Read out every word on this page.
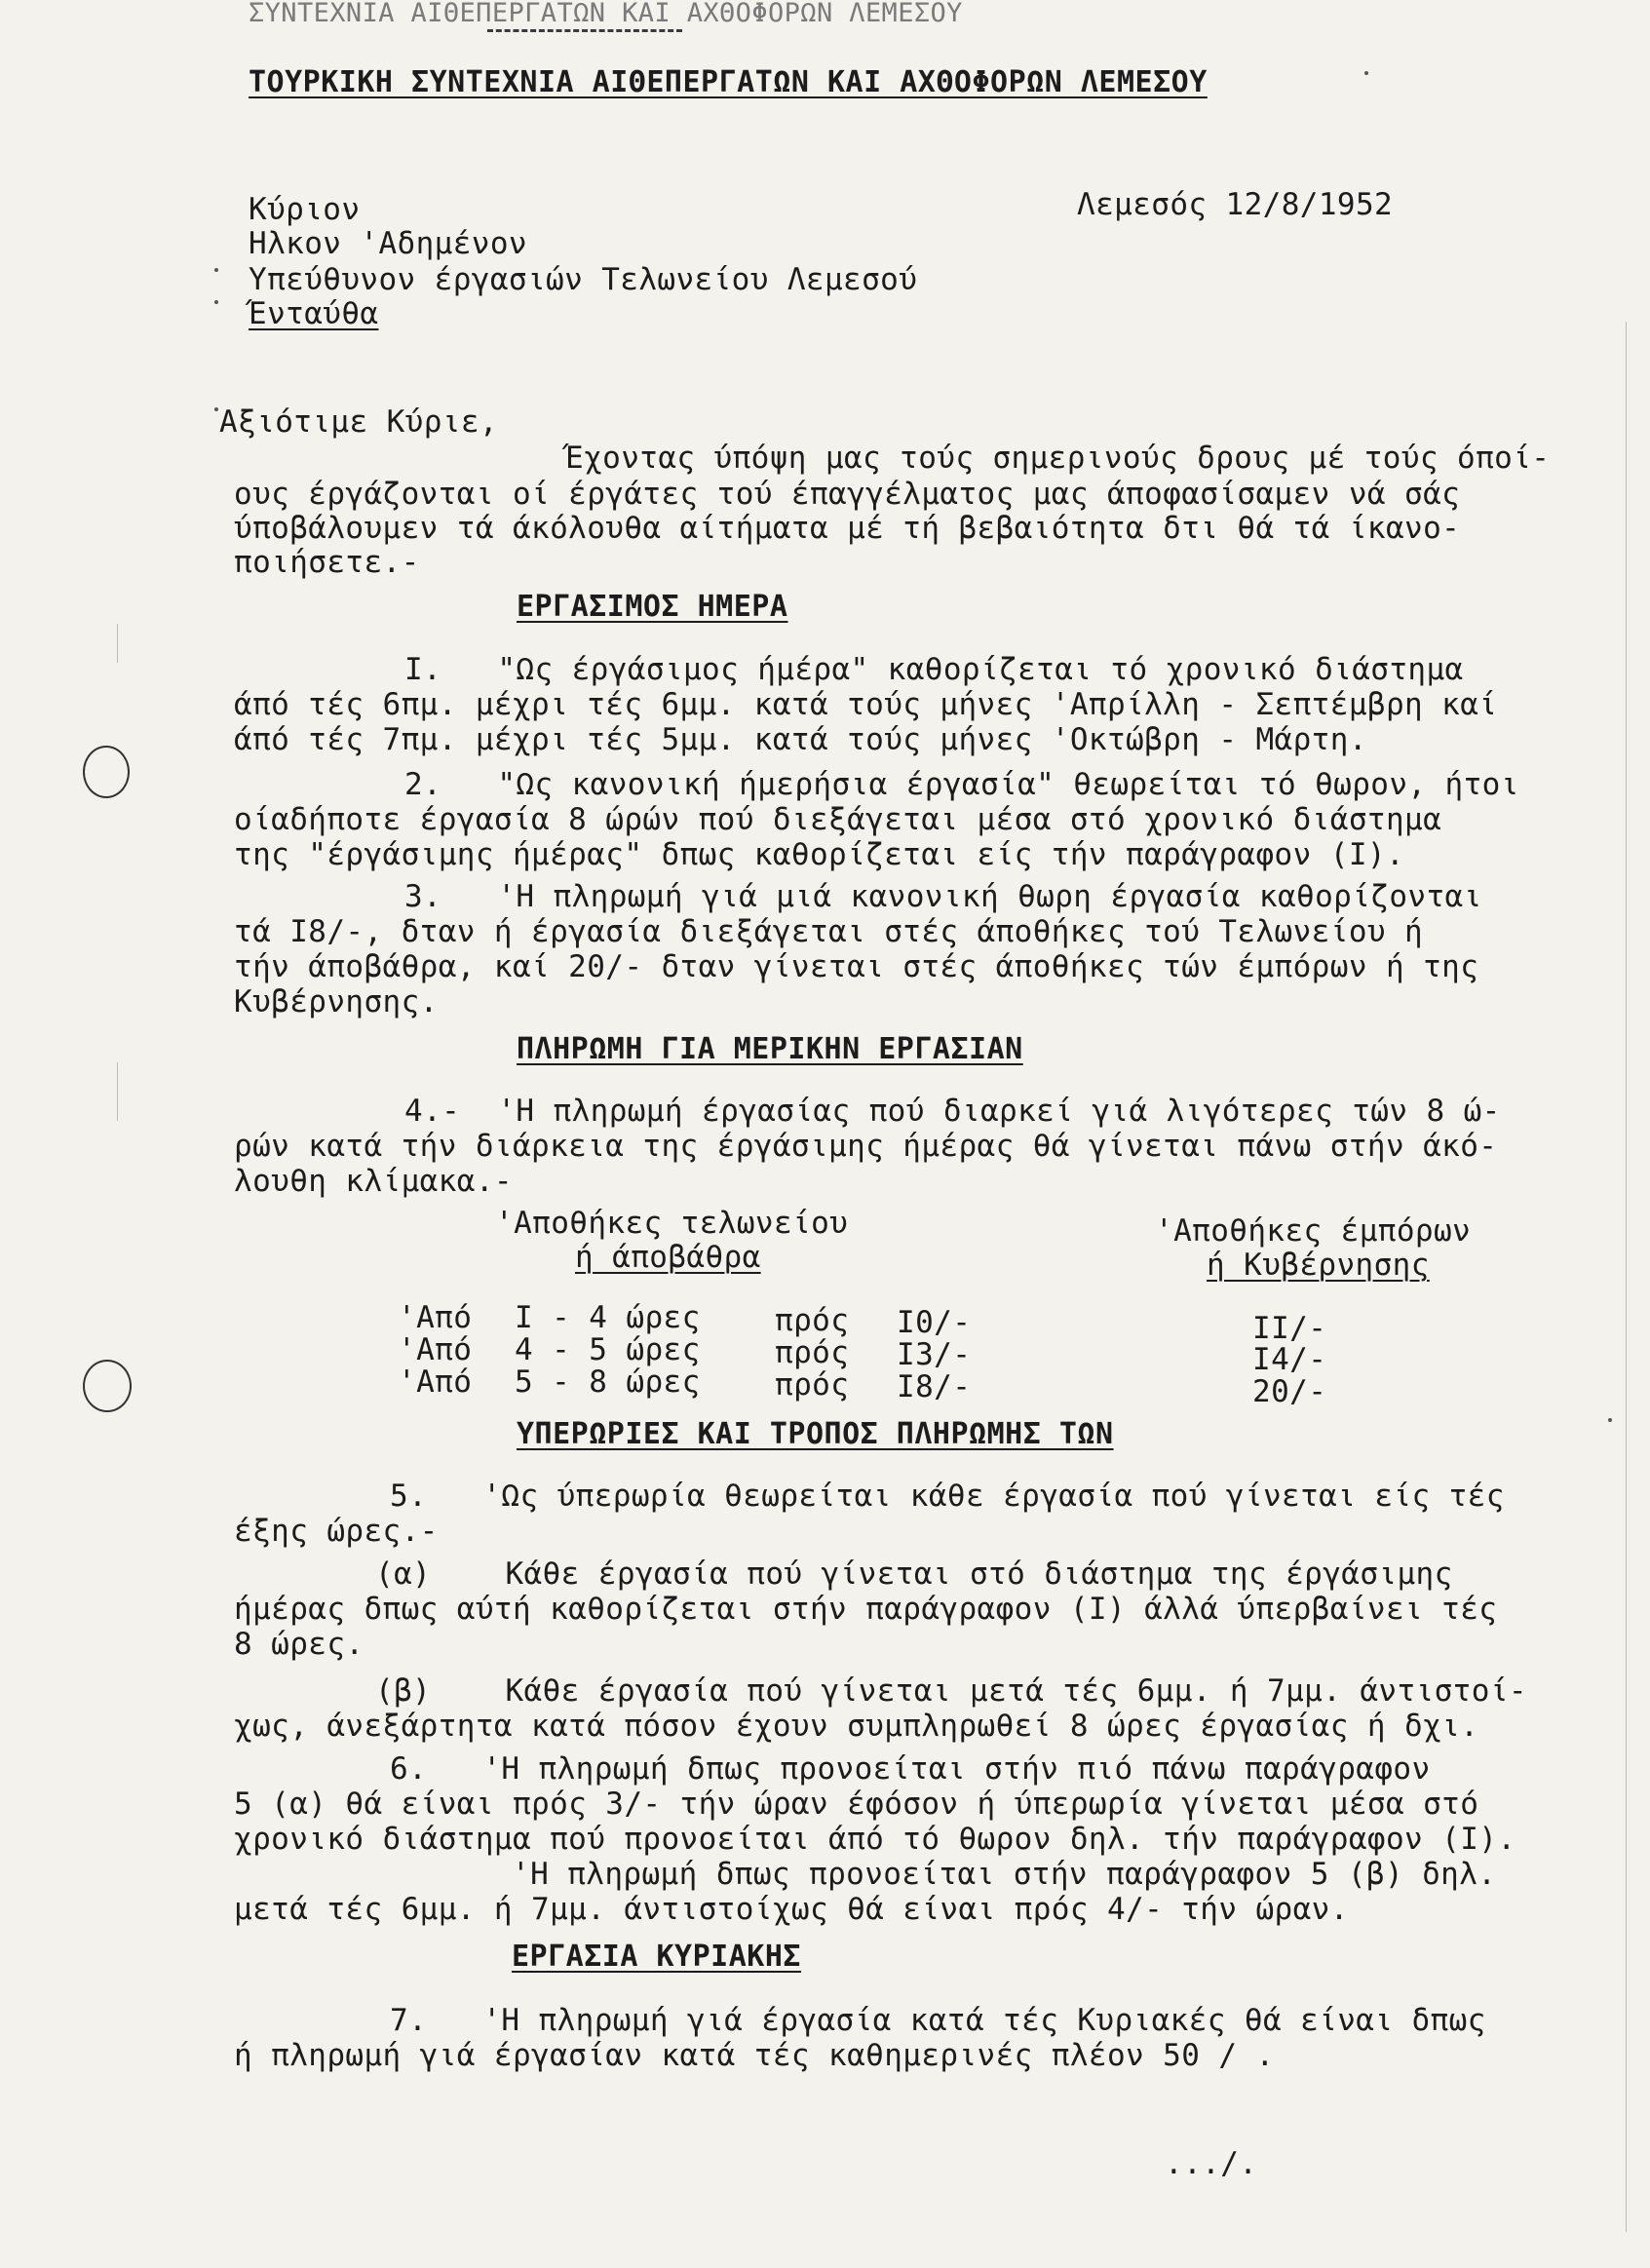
ΣΥΝΤΕΧΝΙΑ ΑΙΘΕΠΕΡΓΑΤΩΝ ΚΑΙ ΑΧΘΟΦΟΡΩΝ ΛΕΜΕΣΟΥ
ΤΟΥΡΚΙΚΗ ΣΥΝΤΕΧΝΙΑ ΑΙΘΕΠΕΡΓΑΤΩΝ ΚΑΙ ΑΧΘΟΦΟΡΩΝ ΛΕΜΕΣΟΥ
Κύριον	Λεμεσός 12/8/1952
Ηλκον 'Αδημένον
Υπεύθυνον έργασιών Τελωνείου Λεμεσού
Ένταύθα
Αξιότιμε Κύριε,
Έχοντας ύπόψη μας τούς σημερινούς δρους μέ τούς όποί-
ους έργάζονται οί έργάτες τού έπαγγέλματος μας άποφασίσαμεν νά σάς
ύποβάλουμεν τά άκόλουθα αίτήματα μέ τή βεβαιότητα δτι θά τά ίκανο-
ποιήσετε.-
ΕΡΓΑΣΙΜΟΣ ΗΜΕΡΑ
Ι.   "Ως έργάσιμος ήμέρα" καθορίζεται τό χρονικό διάστημα
άπό τές 6πμ. μέχρι τές 6μμ. κατά τούς μήνες 'Απρίλλη - Σεπτέμβρη καί
άπό τές 7πμ. μέχρι τές 5μμ. κατά τούς μήνες 'Οκτώβρη - Μάρτη.
2.   "Ως κανονική ήμερήσια έργασία" θεωρείται τό θωρον, ήτοι
οίαδήποτε έργασία 8 ώρών πού διεξάγεται μέσα στό χρονικό διάστημα
της "έργάσιμης ήμέρας" δπως καθορίζεται είς τήν παράγραφον (Ι).
3.   'Η πληρωμή γιά μιά κανονική θωρη έργασία καθορίζονται
τά Ι8/-, δταν ή έργασία διεξάγεται στές άποθήκες τού Τελωνείου ή
τήν άποβάθρα, καί 20/- δταν γίνεται στές άποθήκες τών έμπόρων ή της
Κυβέρνησης.
ΠΛΗΡΩΜΗ ΓΙΑ ΜΕΡΙΚΗΝ ΕΡΓΑΣΙΑΝ
4.-  'Η πληρωμή έργασίας πού διαρκεί γιά λιγότερες τών 8 ώ-
ρών κατά τήν διάρκεια της έργάσιμης ήμέρας θά γίνεται πάνω στήν άκό-
λουθη κλίμακα.-
'Αποθήκες τελωνείου
ή άποβάθρα
'Αποθήκες έμπόρων
ή Κυβέρνησης
'Από Ι - 4 ώρες πρός Ι0/-	ΙΙ/-
'Από 4 - 5 ώρες πρός Ι3/-	Ι4/-
'Από 5 - 8 ώρες πρός Ι8/-	20/-
ΥΠΕΡΩΡΙΕΣ ΚΑΙ ΤΡΟΠΟΣ ΠΛΗΡΩΜΗΣ ΤΩΝ
5.   'Ως ύπερωρία θεωρείται κάθε έργασία πού γίνεται είς τές
έξης ώρες.-
(α)    Κάθε έργασία πού γίνεται στό διάστημα της έργάσιμης
ήμέρας δπως αύτή καθορίζεται στήν παράγραφον (Ι) άλλά ύπερβαίνει τές
8 ώρες.
(β)    Κάθε έργασία πού γίνεται μετά τές 6μμ. ή 7μμ. άντιστοί-
χως, άνεξάρτητα κατά πόσον έχουν συμπληρωθεί 8 ώρες έργασίας ή δχι.
6.   'Η πληρωμή δπως προνοείται στήν πιό πάνω παράγραφον
5 (α) θά είναι πρός 3/- τήν ώραν έφόσον ή ύπερωρία γίνεται μέσα στό
χρονικό διάστημα πού προνοείται άπό τό θωρον δηλ. τήν παράγραφον (Ι).
'Η πληρωμή δπως προνοείται στήν παράγραφον 5 (β) δηλ.
μετά τές 6μμ. ή 7μμ. άντιστοίχως θά είναι πρός 4/- τήν ώραν.
ΕΡΓΑΣΙΑ ΚΥΡΙΑΚΗΣ
7.   'Η πληρωμή γιά έργασία κατά τές Κυριακές θά είναι δπως
ή πληρωμή γιά έργασίαν κατά τές καθημερινές πλέον 50 / .
.../.
